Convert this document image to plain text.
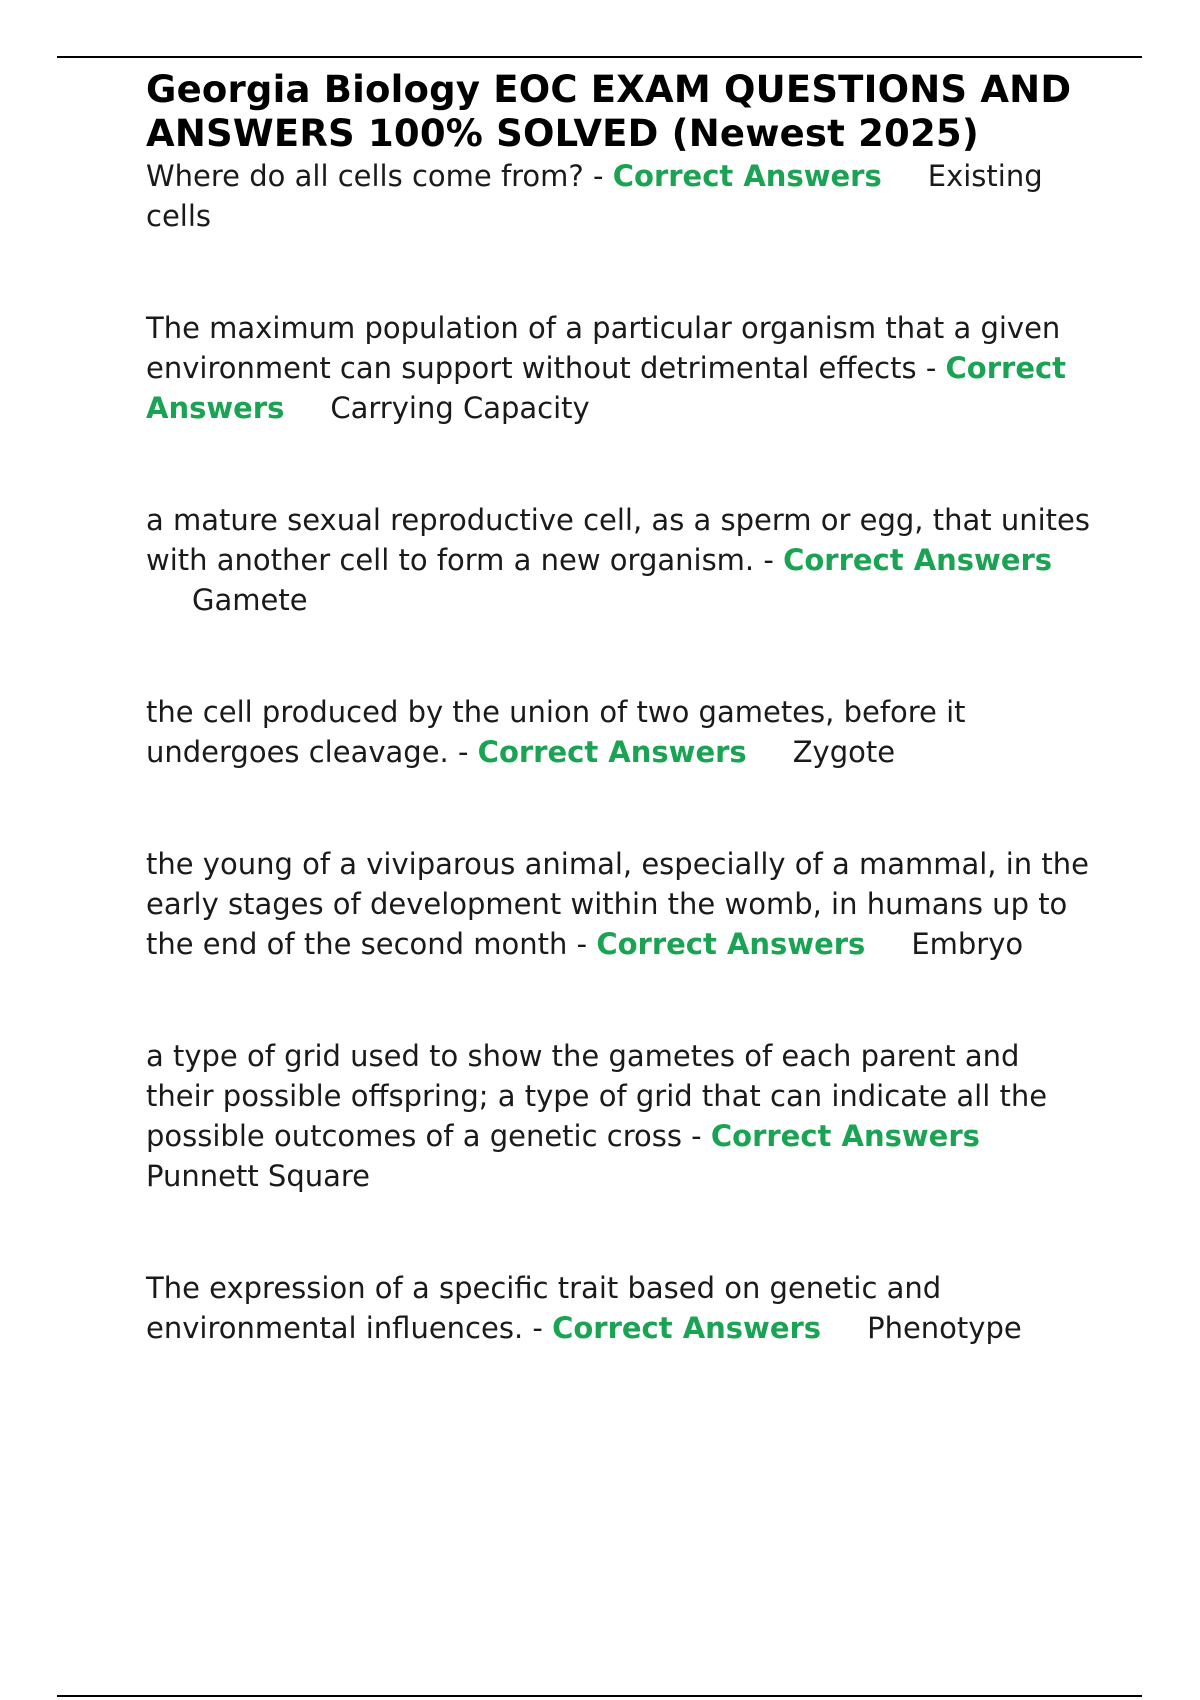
Georgia Biology EOC EXAM QUESTIONS AND ANSWERS 100% SOLVED (Newest 2025)

Where do all cells come from? - Correct Answers Existing cells

The maximum population of a particular organism that a given environment can support without detrimental effects - Correct Answers Carrying Capacity

a mature sexual reproductive cell, as a sperm or egg, that unites with another cell to form a new organism. - Correct AnswersGamete

the cell produced by the union of two gametes, before it undergoes cleavage. - Correct Answers Zygote

the young of a viviparous animal, especially of a mammal, in the early stages of development within the womb, in humans up to the end of the second month - Correct Answers Embryo

a type of grid used to show the gametes of each parent and their possible offspring; a type of grid that can indicate all the possible outcomes of a genetic cross - Correct AnswersPunnett Square

The expression of a specific trait based on genetic and environmental influences. - Correct Answers Phenotype
